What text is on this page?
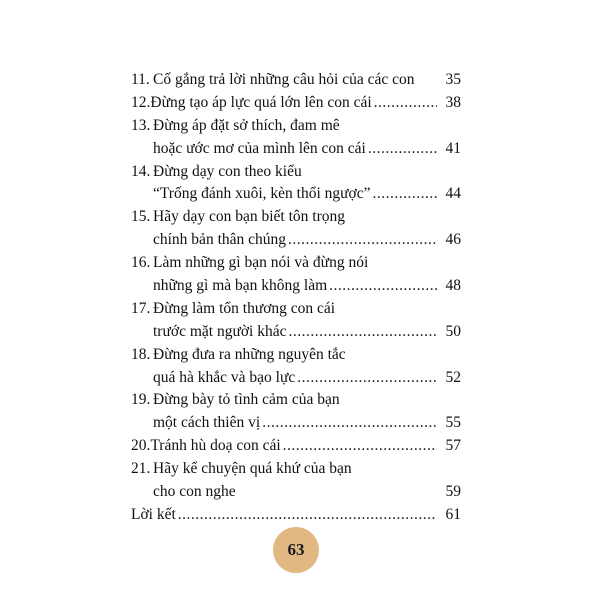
11. Cố gắng trả lời những câu hỏi của các con 35
12. Đừng tạo áp lực quá lớn lên con cái .....	38
13. Đừng áp đặt sở thích, đam mê
hoặc ước mơ của mình lên con cái .....	41
14. Đừng dạy con theo kiểu
“Trống đánh xuôi, kèn thổi ngược” .....	44
15. Hãy dạy con bạn biết tôn trọng
chính bản thân chúng .....	46
16. Làm những gì bạn nói và đừng nói
những gì mà bạn không làm .....	48
17. Đừng làm tổn thương con cái
trước mặt người khác .....	50
18. Đừng đưa ra những nguyên tắc
quá hà khắc và bạo lực .....	52
19. Đừng bày tỏ tình cảm của bạn
một cách thiên vị .....	55
20. Tránh hù doạ con cái .....	57
21. Hãy kể chuyện quá khứ của bạn
cho con nghe	59
Lời kết .....	61
63
